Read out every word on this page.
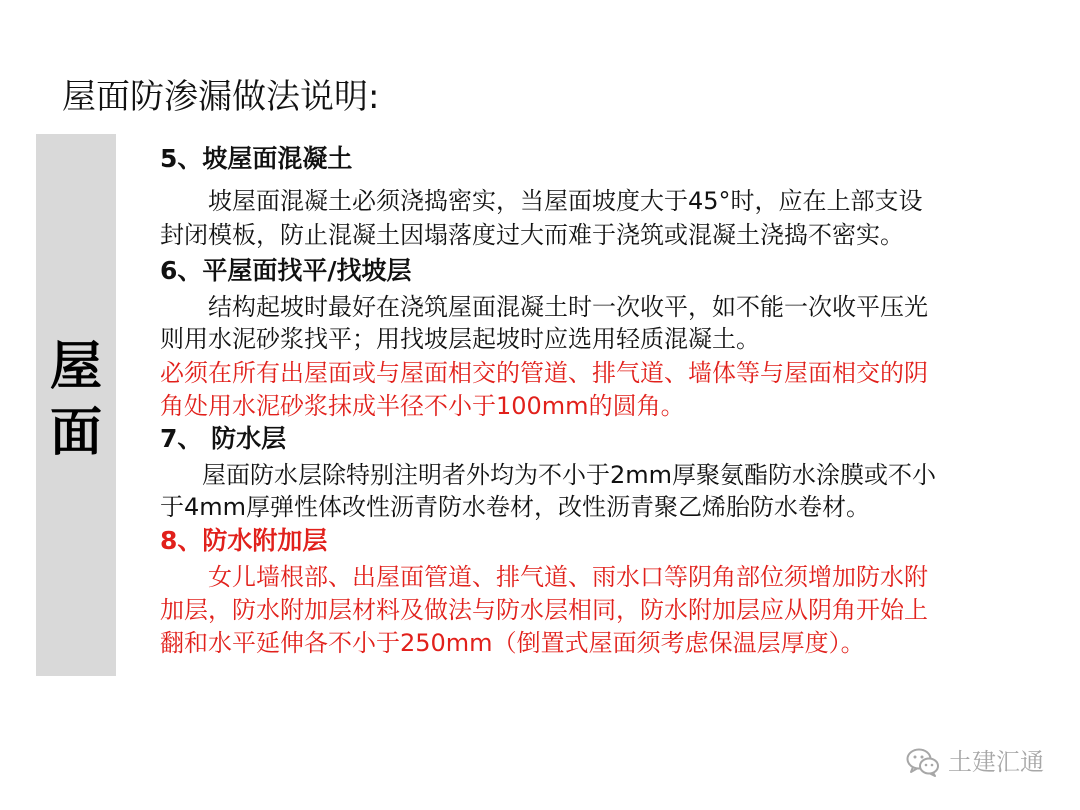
屋面防渗漏做法说明:
屋
面
5、坡屋面混凝土
坡屋面混凝土必须浇捣密实，当屋面坡度大于45°时，应在上部支设
封闭模板，防止混凝土因塌落度过大而难于浇筑或混凝土浇捣不密实。
6、平屋面找平/找坡层
结构起坡时最好在浇筑屋面混凝土时一次收平，如不能一次收平压光
则用水泥砂浆找平；用找坡层起坡时应选用轻质混凝土。
必须在所有出屋面或与屋面相交的管道、排气道、墙体等与屋面相交的阴
角处用水泥砂浆抹成半径不小于100mm的圆角。
7、 防水层
屋面防水层除特别注明者外均为不小于2mm厚聚氨酯防水涂膜或不小
于4mm厚弹性体改性沥青防水卷材，改性沥青聚乙烯胎防水卷材。
8、防水附加层
女儿墙根部、出屋面管道、排气道、雨水口等阴角部位须增加防水附
加层，防水附加层材料及做法与防水层相同，防水附加层应从阴角开始上
翻和水平延伸各不小于250mm（倒置式屋面须考虑保温层厚度）。
土建汇通
